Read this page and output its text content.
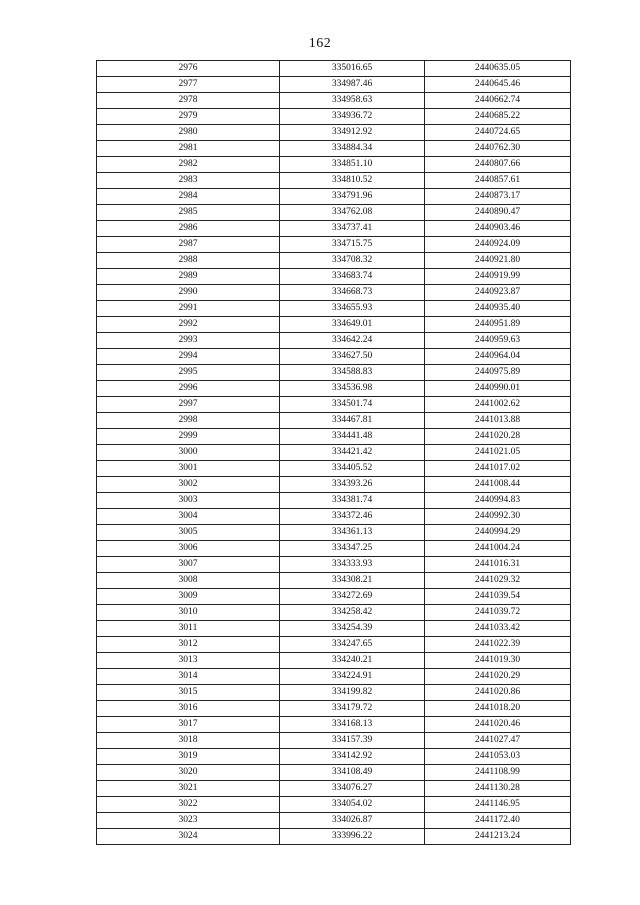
162
2976	335016.65	2440635.05
2977	334987.46	2440645.46
2978	334958.63	2440662.74
2979	334936.72	2440685.22
2980	334912.92	2440724.65
2981	334884.34	2440762.30
2982	334851.10	2440807.66
2983	334810.52	2440857.61
2984	334791.96	2440873.17
2985	334762.08	2440890.47
2986	334737.41	2440903.46
2987	334715.75	2440924.09
2988	334708.32	2440921.80
2989	334683.74	2440919.99
2990	334668.73	2440923.87
2991	334655.93	2440935.40
2992	334649.01	2440951.89
2993	334642.24	2440959.63
2994	334627.50	2440964.04
2995	334588.83	2440975.89
2996	334536.98	2440990.01
2997	334501.74	2441002.62
2998	334467.81	2441013.88
2999	334441.48	2441020.28
3000	334421.42	2441021.05
3001	334405.52	2441017.02
3002	334393.26	2441008.44
3003	334381.74	2440994.83
3004	334372.46	2440992.30
3005	334361.13	2440994.29
3006	334347.25	2441004.24
3007	334333.93	2441016.31
3008	334308.21	2441029.32
3009	334272.69	2441039.54
3010	334258.42	2441039.72
3011	334254.39	2441033.42
3012	334247.65	2441022.39
3013	334240.21	2441019.30
3014	334224.91	2441020.29
3015	334199.82	2441020.86
3016	334179.72	2441018.20
3017	334168.13	2441020.46
3018	334157.39	2441027.47
3019	334142.92	2441053.03
3020	334108.49	2441108.99
3021	334076.27	2441130.28
3022	334054.02	2441146.95
3023	334026.87	2441172.40
3024	333996.22	2441213.24
